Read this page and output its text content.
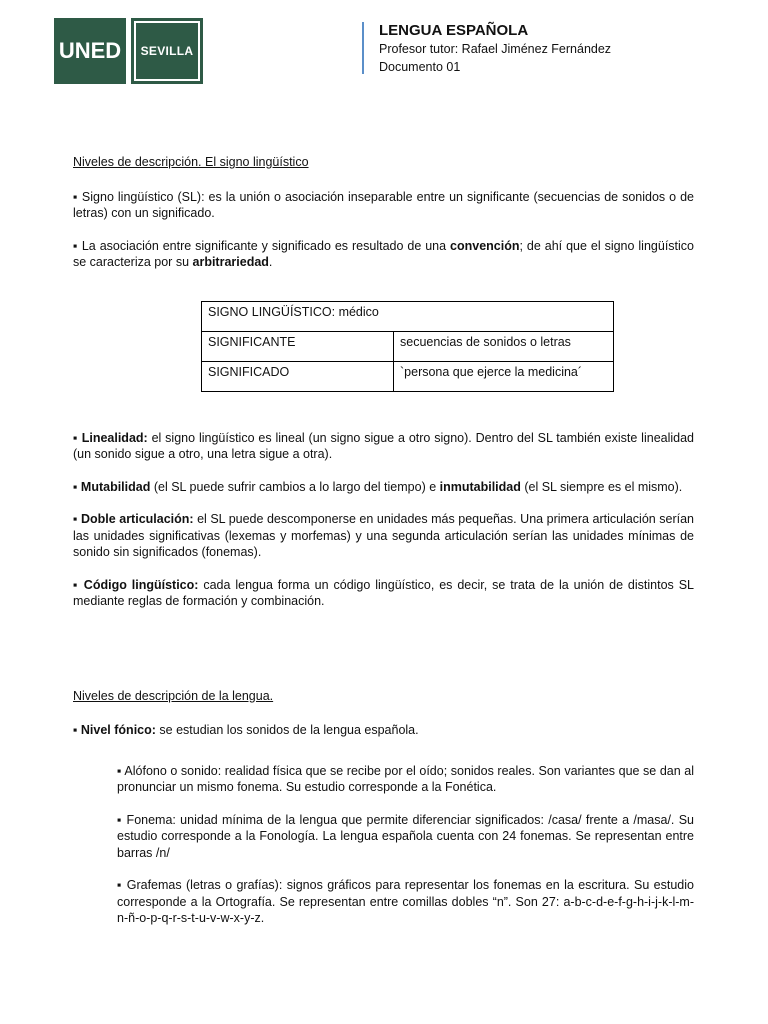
UNED SEVILLA
LENGUA ESPAÑOLA
Profesor tutor: Rafael Jiménez Fernández
Documento 01
Niveles de descripción. El signo lingüístico

▪ Signo lingüístico (SL): es la unión o asociación inseparable entre un significante (secuencias de sonidos o de letras) con un significado.

▪ La asociación entre significante y significado es resultado de una convención; de ahí que el signo lingüístico se caracteriza por su arbitrariedad.

SIGNO LINGÜÍSTICO: médico	
SIGNIFICANTE	secuencias de sonidos o letras
SIGNIFICADO	`persona que ejerce la medicina´

▪ Linealidad: el signo lingüístico es lineal (un signo sigue a otro signo). Dentro del SL también existe linealidad (un sonido sigue a otro, una letra sigue a otra).

▪ Mutabilidad (el SL puede sufrir cambios a lo largo del tiempo) e inmutabilidad (el SL siempre es el mismo).

▪ Doble articulación: el SL puede descomponerse en unidades más pequeñas. Una primera articulación serían las unidades significativas (lexemas y morfemas) y una segunda articulación serían las unidades mínimas de sonido sin significados (fonemas).

▪ Código lingüístico: cada lengua forma un código lingüístico, es decir, se trata de la unión de distintos SL mediante reglas de formación y combinación.

Niveles de descripción de la lengua.

▪ Nivel fónico: se estudian los sonidos de la lengua española.

▪ Alófono o sonido: realidad física que se recibe por el oído; sonidos reales. Son variantes que se dan al pronunciar un mismo fonema. Su estudio corresponde a la Fonética.

▪ Fonema: unidad mínima de la lengua que permite diferenciar significados: /casa/ frente a /masa/. Su estudio corresponde a la Fonología. La lengua española cuenta con 24 fonemas. Se representan entre barras /n/

▪ Grafemas (letras o grafías): signos gráficos para representar los fonemas en la escritura. Su estudio corresponde a la Ortografía. Se representan entre comillas dobles “n”. Son 27: a-b-c-d-e-f-g-h-i-j-k-l-m-n-ñ-o-p-q-r-s-t-u-v-w-x-y-z.
